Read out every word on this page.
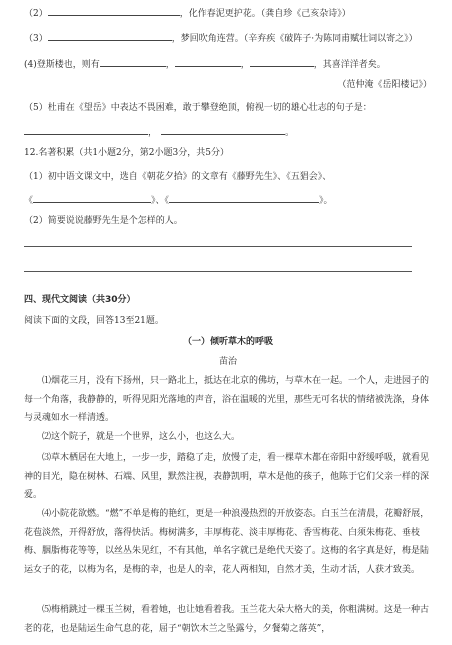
（2）	，化作春泥更护花。（龚自珍《己亥杂诗》）
（3）	，梦回吹角连营。（辛弃疾《破阵子·为陈同甫赋壮词以寄之》）
(4)登斯楼也，则有	，	，	，其喜洋洋者矣。
（范仲淹《岳阳楼记》）
（5）杜甫在《望岳》中表达不畏困难，敢于攀登绝顶，俯视一切的雄心壮志的句子是：
，	。
12.名著积累（共1小题2分，第2小题3分，共5分）
（1）初中语文课文中，选自《朝花夕拾》的文章有《藤野先生》、《五猖会》、
《	》、《	》。
（2）简要说说藤野先生是个怎样的人。
四、现代文阅读（共30分）
阅读下面的文段，回答13至21题。
（一）倾听草木的呼吸
苗治
⑴烟花三月，没有下扬州，只一路北上，抵达在北京的佛坊，与草木在一起。一个人，走进园子的每一个角落，我静静的，听得见阳光落地的声音，浴在温暖的光里，那些无可名状的情绪被洗涤，身体与灵魂如水一样清透。
⑵这个院子，就是一个世界，这么小，也这么大。
⑶草木栖居在大地上，一步一步，踏稳了走，放慢了走，看一棵草木都在帝阳中舒缓呼吸，就看见神的目光，隐在树林、石端、风里，默然注视，表静凯明，草木是他的孩子，他陈于它们父亲一样的深爱。
⑷小院花欲燃。“燃”不单是梅的艳红，更是一种浪漫热烈的开放姿态。白玉兰在清晨，花瓣舒展，花苞淡然，开得舒放，落得快活。梅树满多，丰厚梅花、淡丰厚梅花、香雪梅花、白须朱梅花、垂枝梅、胭脂梅花等等，以丝丛朱见红，不有其他，单名字就已是绝代天姿了。这梅的名字真是好，梅是陆运女子的花，以梅为名，是梅的幸，也是人的幸，花人两相知，自然才美，生动才活，人获才致美。
⑸梅梢跳过一棵玉兰树，看着她，也让她看着我。玉兰花大朵大格大的美，你粗满树。这是一种古老的花，也是陆运生命气息的花，屈子“朝饮木兰之坠露兮，夕餐菊之落英”，
